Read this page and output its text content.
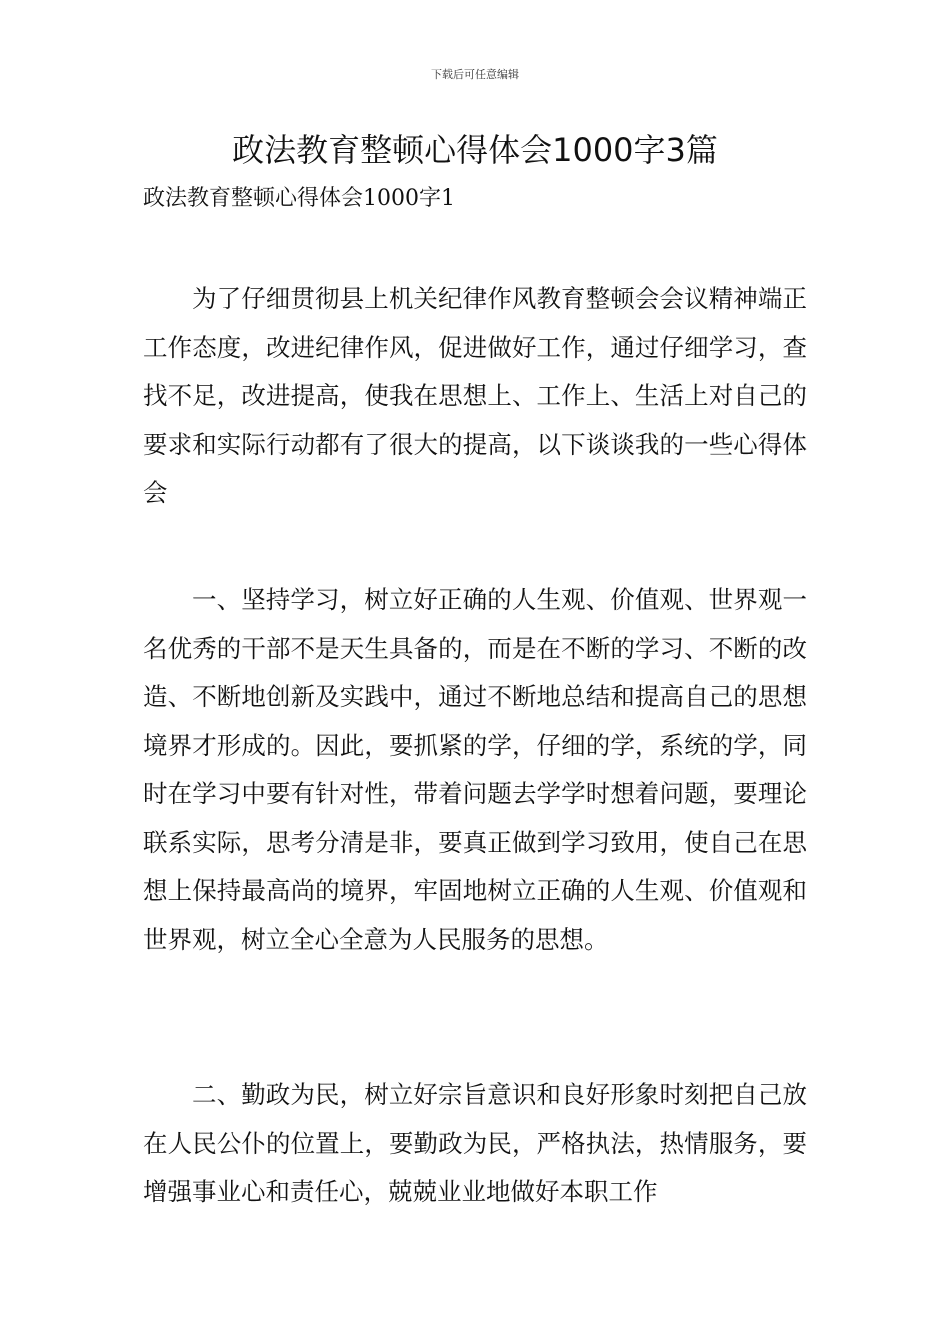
下载后可任意编辑
政法教育整顿心得体会1000字3篇
政法教育整顿心得体会1000字1

为了仔细贯彻县上机关纪律作风教育整顿会会议精神端正工作态度，改进纪律作风，促进做好工作，通过仔细学习，查找不足，改进提高，使我在思想上、工作上、生活上对自己的要求和实际行动都有了很大的提高，以下谈谈我的一些心得体会

一、坚持学习，树立好正确的人生观、价值观、世界观一名优秀的干部不是天生具备的，而是在不断的学习、不断的改造、不断地创新及实践中，通过不断地总结和提高自己的思想境界才形成的。因此，要抓紧的学，仔细的学，系统的学，同时在学习中要有针对性，带着问题去学学时想着问题，要理论联系实际，思考分清是非，要真正做到学习致用，使自己在思想上保持最高尚的境界，牢固地树立正确的人生观、价值观和世界观，树立全心全意为人民服务的思想。

二、勤政为民，树立好宗旨意识和良好形象时刻把自己放在人民公仆的位置上，要勤政为民，严格执法，热情服务，要增强事业心和责任心，兢兢业业地做好本职工作
